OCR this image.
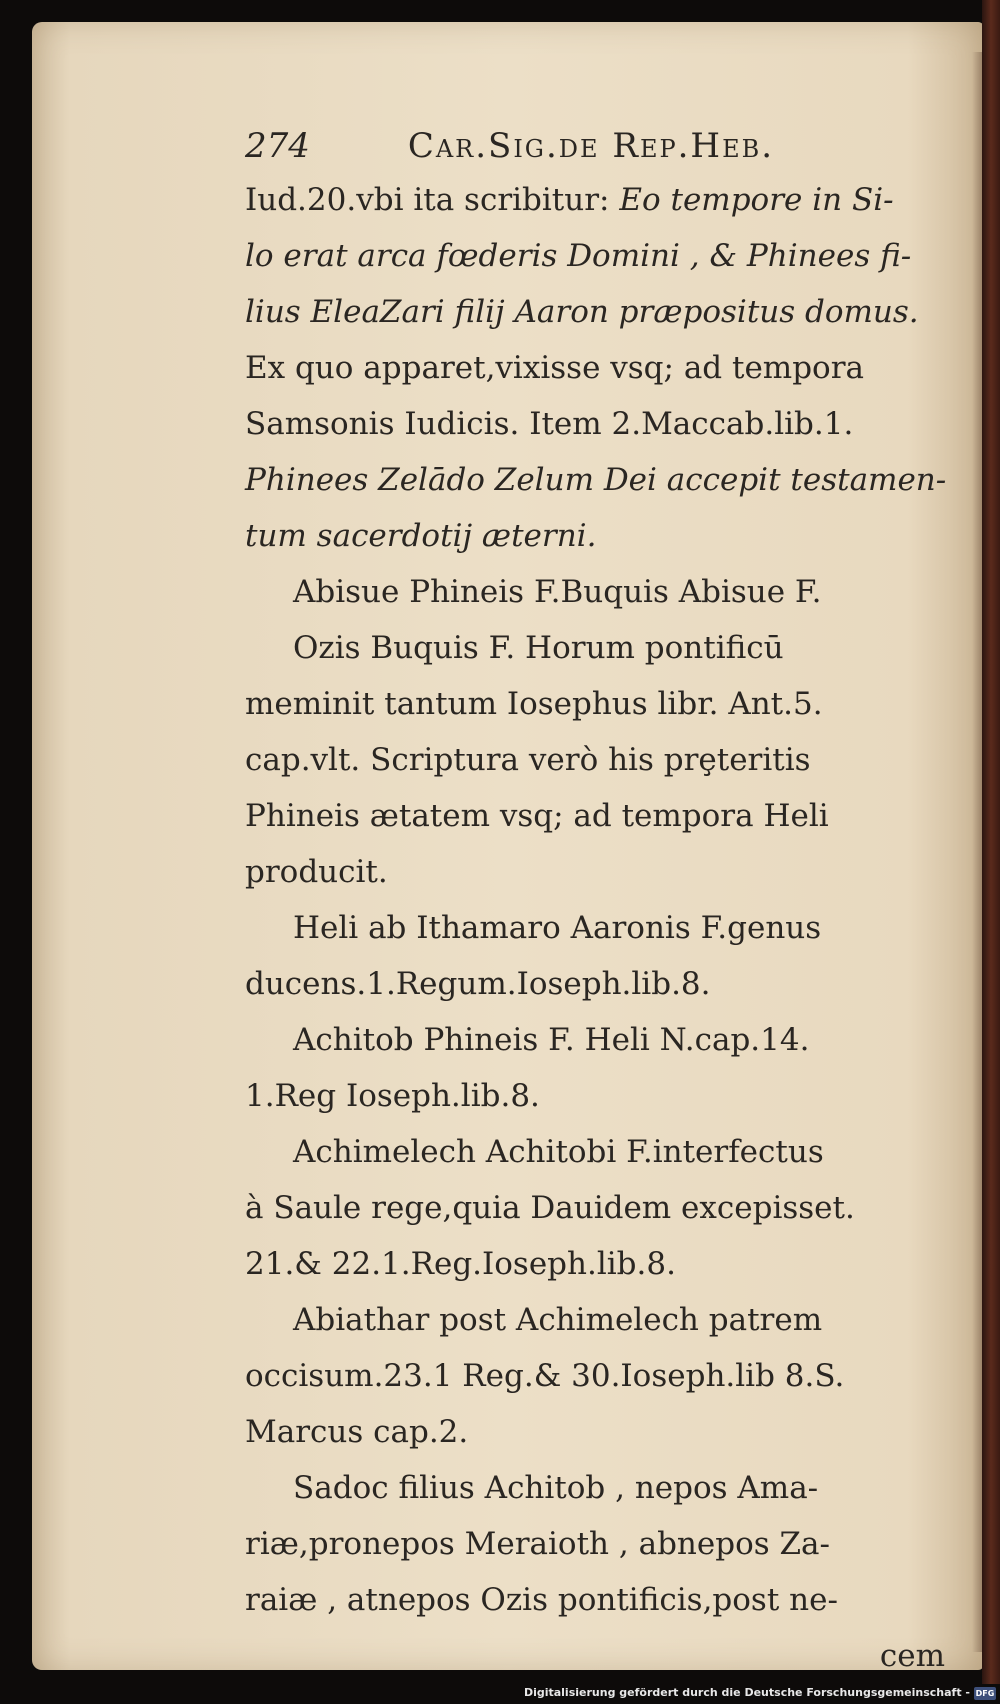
274	Car.Sig.de Rep.Heb.
Iud.20.vbi ita scribitur: Eo tempore in Si-
lo erat arca fœderis Domini , & Phinees fi-
lius EleaZari filij Aaron præpositus domus.
Ex quo apparet,vixisse vsq; ad tempora
Samsonis Iudicis. Item 2.Maccab.lib.1.
Phinees Zelādo Zelum Dei accepit testamen-
tum sacerdotij æterni.
Abisue Phineis F.Buquis Abisue F.
Ozis Buquis F. Horum pontificū
meminit tantum Iosephus libr. Ant.5.
cap.vlt. Scriptura verò his prȩteritis
Phineis ætatem vsq; ad tempora Heli
producit.
Heli ab Ithamaro Aaronis F.genus
ducens.1.Regum.Ioseph.lib.8.
Achitob Phineis F. Heli N.cap.14.
1.Reg Ioseph.lib.8.
Achimelech Achitobi F.interfectus
à Saule rege,quia Dauidem excepisset.
21.& 22.1.Reg.Ioseph.lib.8.
Abiathar post Achimelech patrem
occisum.23.1 Reg.& 30.Ioseph.lib 8.S.
Marcus cap.2.
Sadoc filius Achitob , nepos Ama-
riæ,pronepos Meraioth , abnepos Za-
raiæ , atnepos Ozis pontificis,post ne-
cem
Digitalisierung gefördert durch die Deutsche Forschungsgemeinschaft - DFG
